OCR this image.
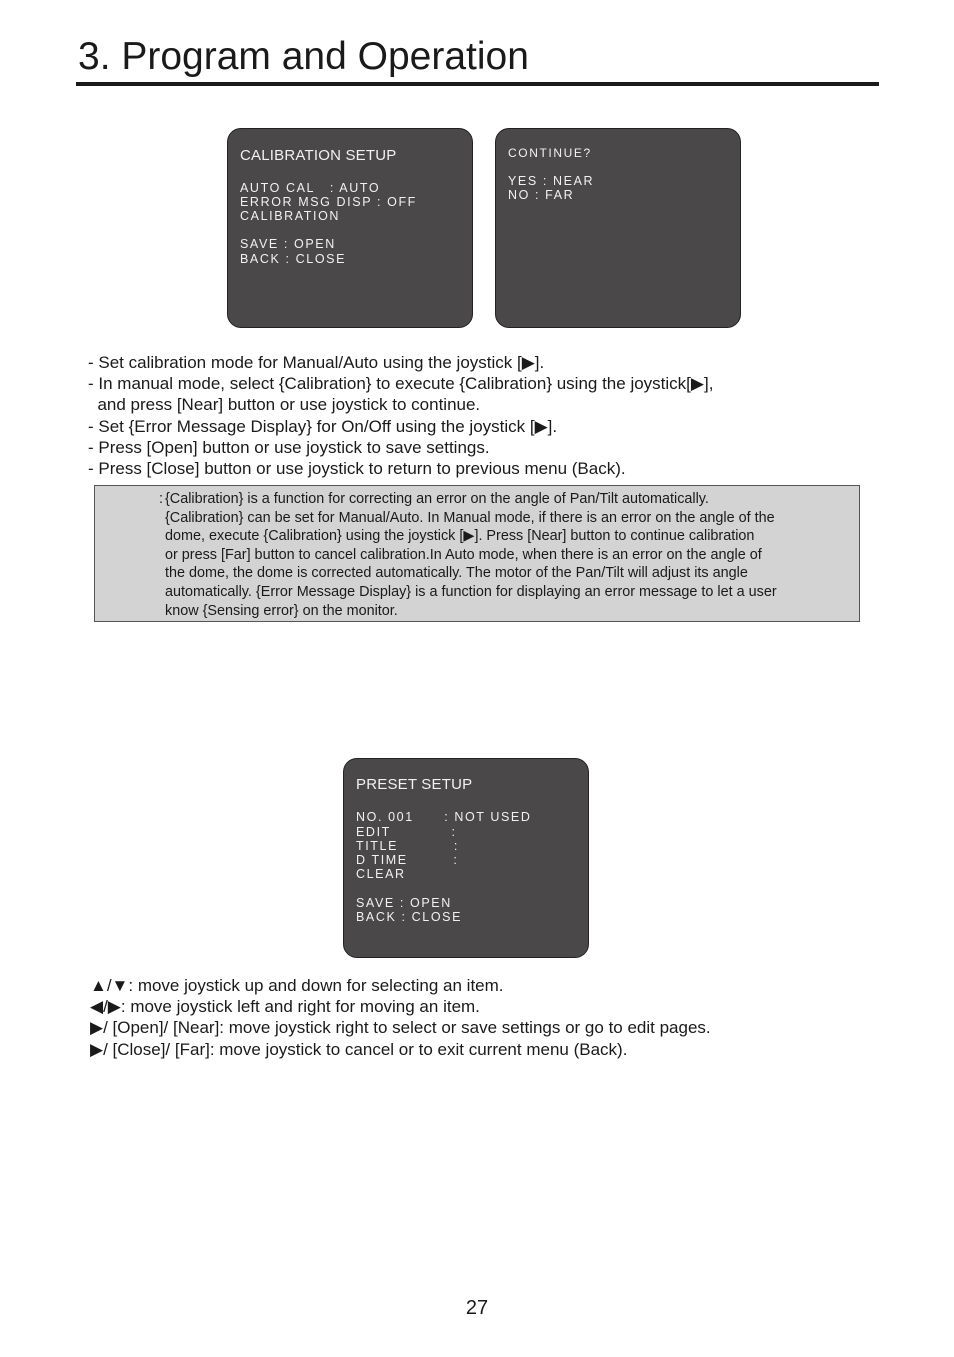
3. Program and Operation
CALIBRATION SETUP
AUTO CAL   : AUTO
ERROR MSG DISP : OFF
CALIBRATION
SAVE : OPEN
BACK : CLOSE
CONTINUE?
YES : NEAR
NO : FAR
- Set calibration mode for Manual/Auto using the joystick [▶].
- In manual mode, select {Calibration} to execute {Calibration} using the joystick[▶],
and press [Near] button or use joystick to continue.
- Set {Error Message Display} for On/Off using the joystick [▶].
- Press [Open] button or use joystick to save settings.
- Press [Close] button or use joystick to return to previous menu (Back).
: {Calibration} is a function for correcting an error on the angle of Pan/Tilt automatically.
{Calibration} can be set for Manual/Auto. In Manual mode, if there is an error on the angle of the
dome, execute {Calibration} using the joystick [▶]. Press [Near] button to continue calibration
or press [Far] button to cancel calibration.In Auto mode, when there is an error on the angle of
the dome, the dome is corrected automatically. The motor of the Pan/Tilt will adjust its angle
automatically. {Error Message Display} is a function for displaying an error message to let a user
know {Sensing error} on the monitor.
PRESET SETUP
NO. 001      : NOT USED
EDIT            :
TITLE           :
D TIME         :
CLEAR
SAVE : OPEN
BACK : CLOSE
▲/▼: move joystick up and down for selecting an item.
◀/▶: move joystick left and right for moving an item.
▶/ [Open]/ [Near]: move joystick right to select or save settings or go to edit pages.
▶/ [Close]/ [Far]: move joystick to cancel or to exit current menu (Back).
27
